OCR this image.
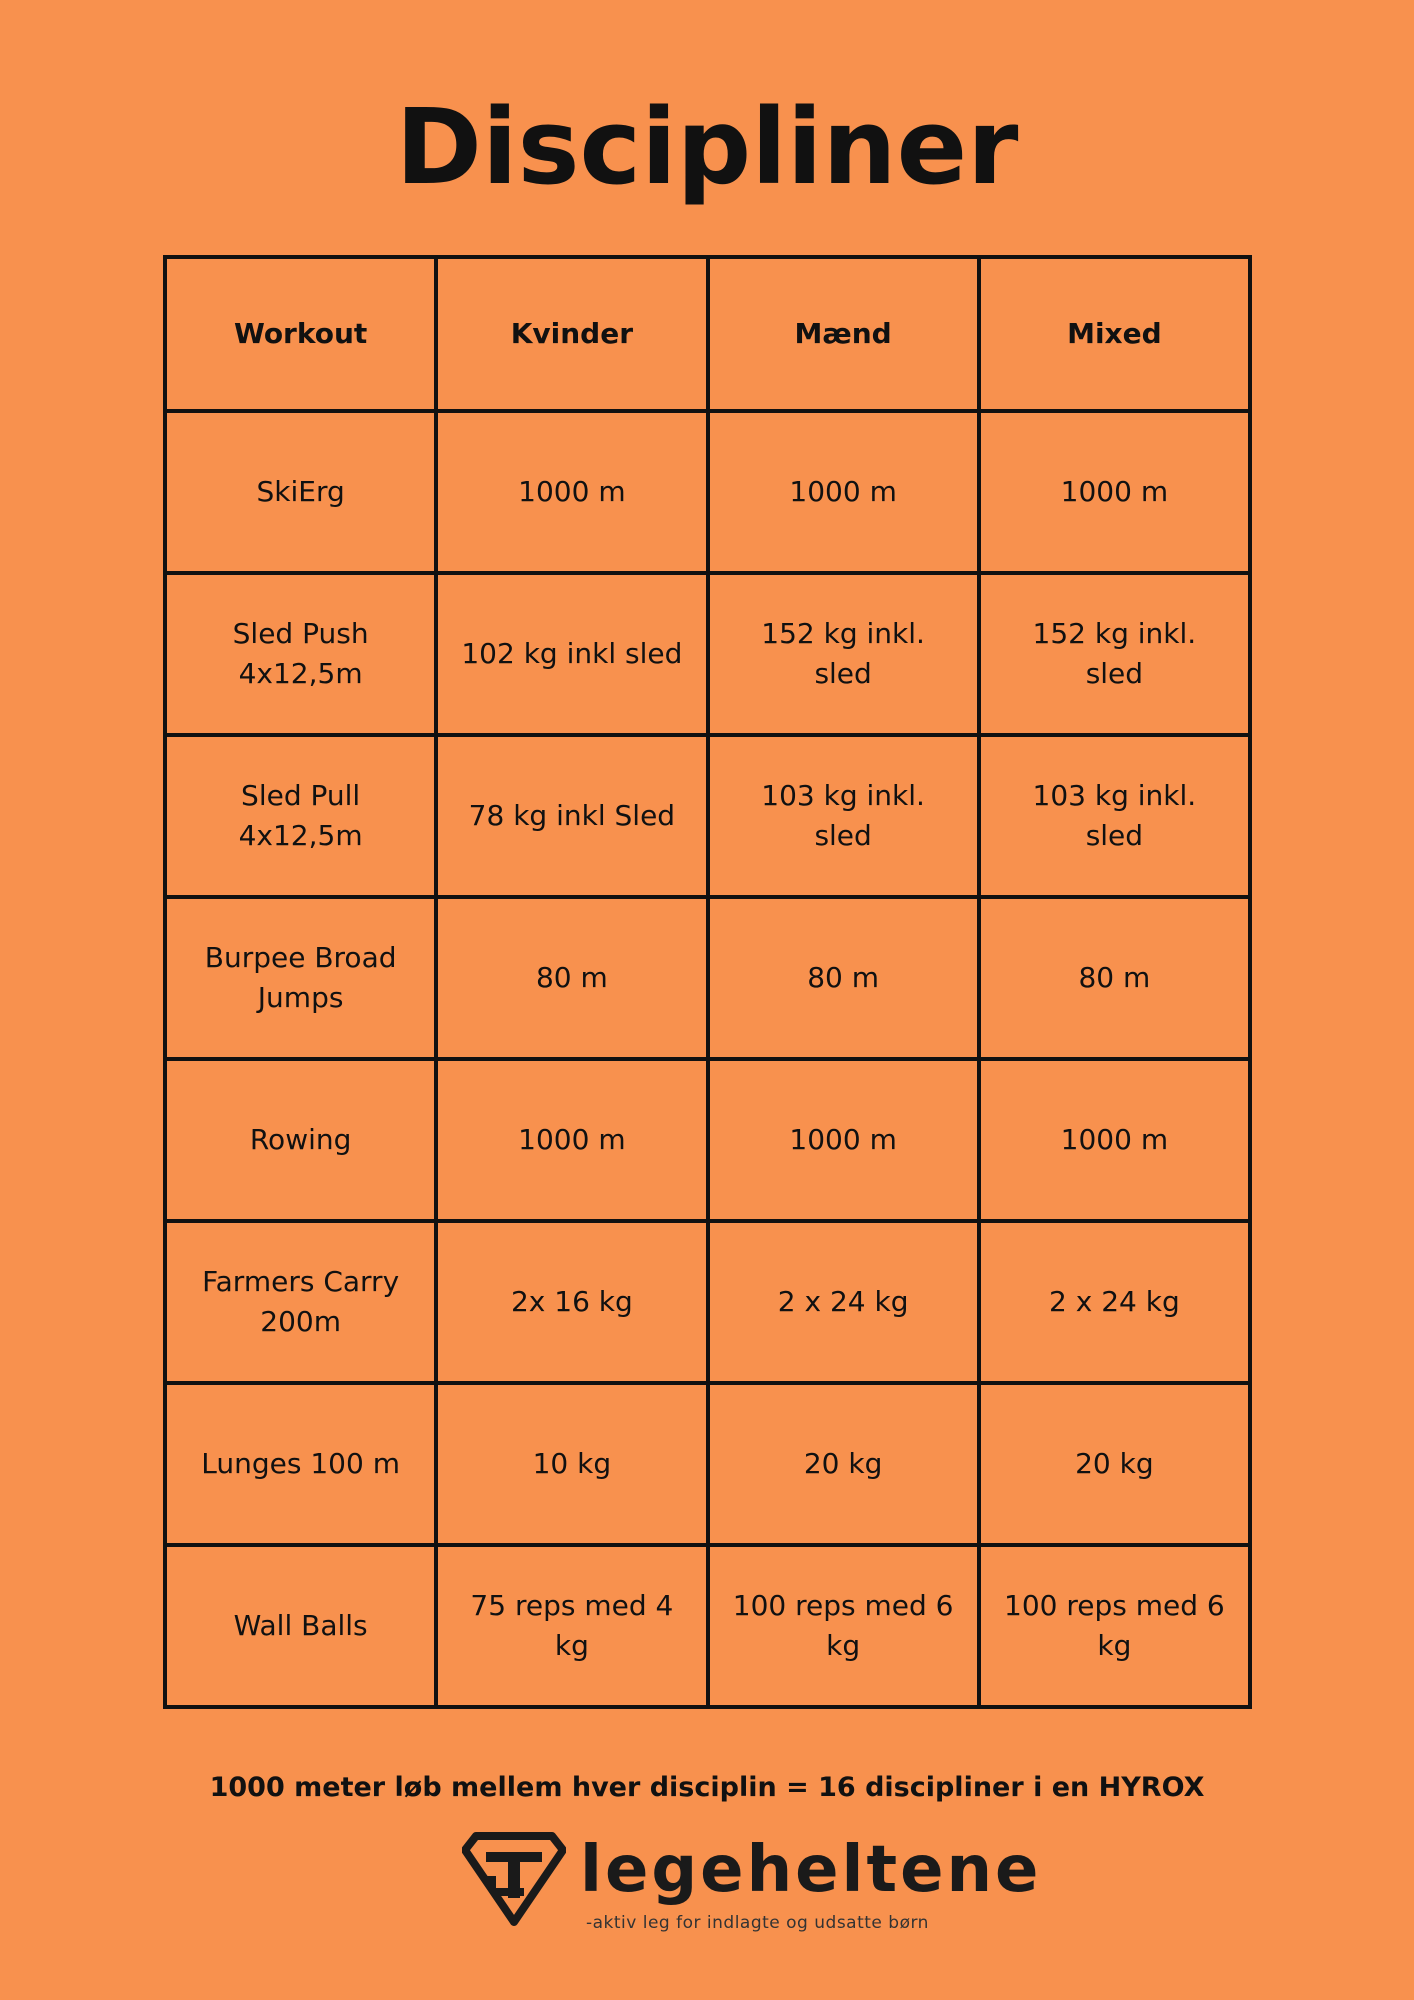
Discipliner
Workout	Kvinder	Mænd	Mixed
SkiErg	1000 m	1000 m	1000 m
Sled Push 4x12,5m	102 kg inkl sled	152 kg inkl. sled	152 kg inkl. sled
Sled Pull 4x12,5m	78 kg inkl Sled	103 kg inkl. sled	103 kg inkl. sled
Burpee Broad Jumps	80 m	80 m	80 m
Rowing	1000 m	1000 m	1000 m
Farmers Carry 200m	2x 16 kg	2 x 24 kg	2 x 24 kg
Lunges 100 m	10 kg	20 kg	20 kg
Wall Balls	75 reps med 4 kg	100 reps med 6 kg	100 reps med 6 kg
1000 meter løb mellem hver disciplin = 16 discipliner i en HYROX
legeheltene
-aktiv leg for indlagte og udsatte børn
